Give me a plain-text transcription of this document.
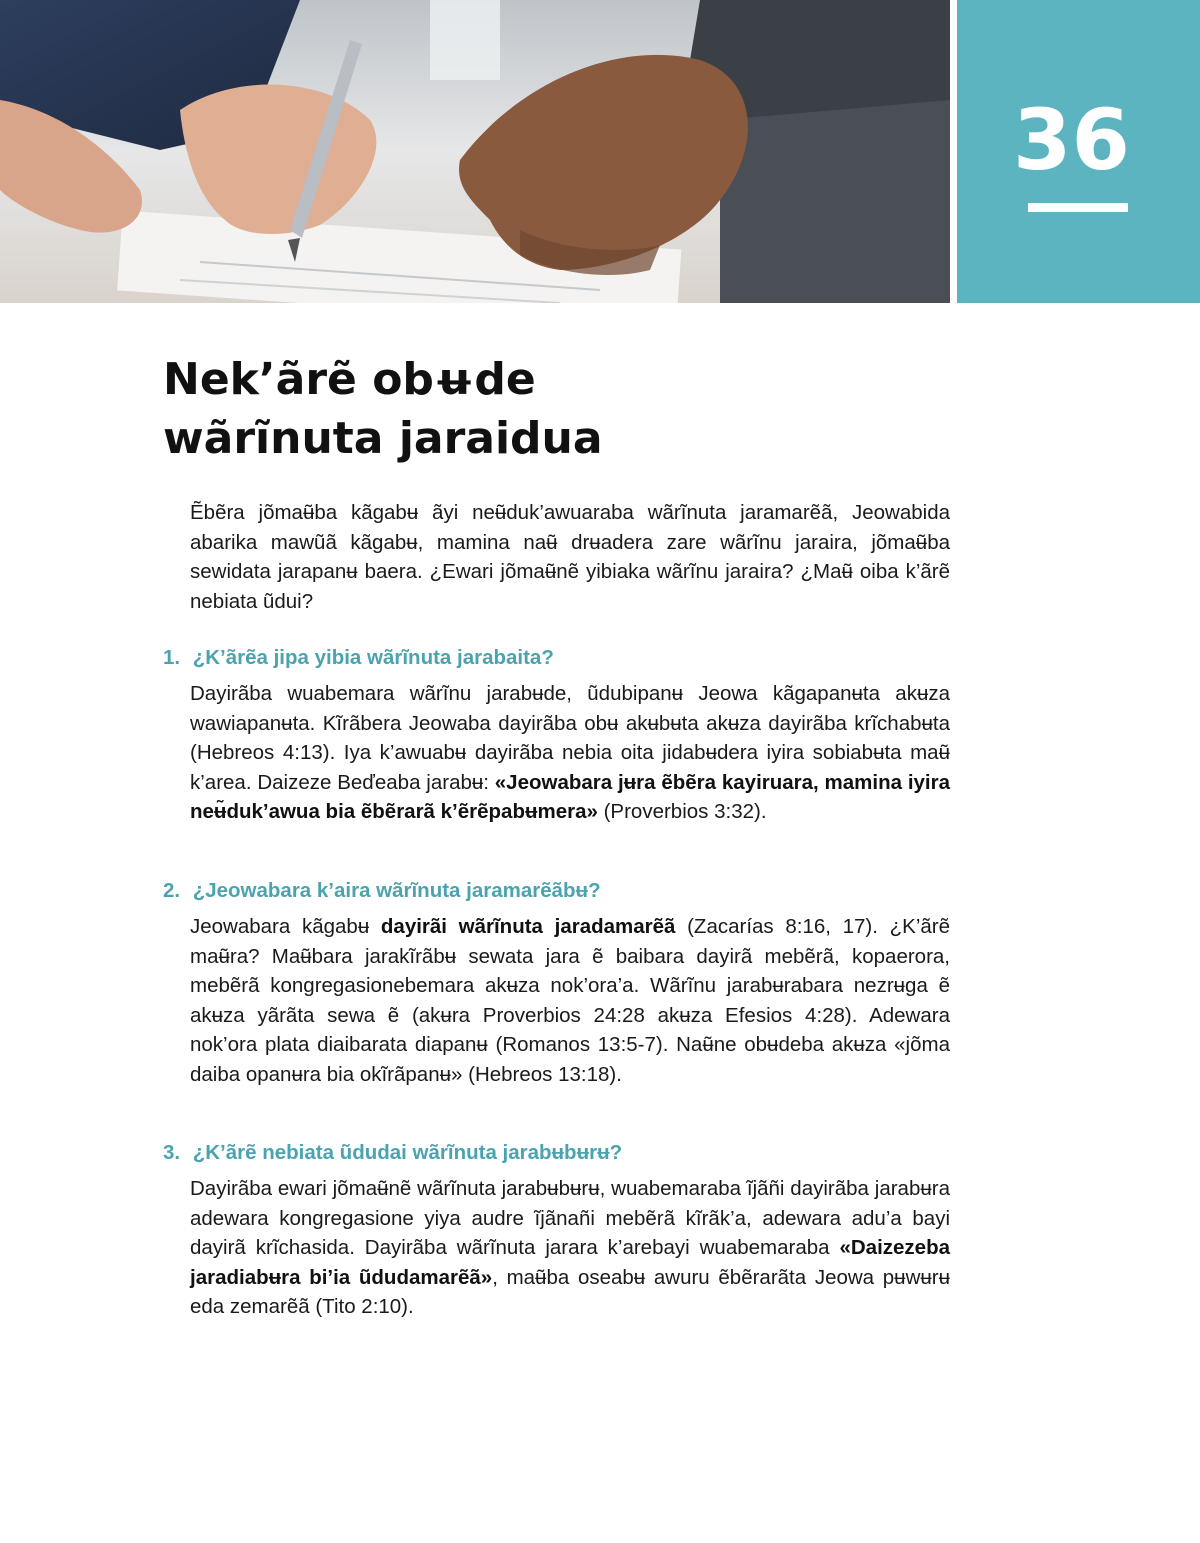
36
Nek’ãrẽ obʉde
wãrĩnuta jaraidua

Ẽbẽra jõmaʉ̃ba kãgabʉ ãyi neʉ̃duk’awuaraba wãrĩnuta jaramarẽã, Jeowabida abarika mawũã kãgabʉ, mamina naʉ̃ drʉadera zare wãrĩnu jaraira, jõmaʉ̃ba sewidata jarapanʉ baera. ¿Ewari jõmaʉ̃nẽ yibiaka wãrĩnu jaraira? ¿Maʉ̃ oiba k’ãrẽ nebiata ũdui?

1. ¿K’ãrẽa jipa yibia wãrĩnuta jarabaita?

Dayirãba wuabemara wãrĩnu jarabʉde, ũdubipanʉ Jeowa kãgapanʉta akʉza wawiapanʉta. Kĩrãbera Jeowaba dayirãba obʉ akʉbʉta akʉza dayirãba krĩchabʉta (Hebreos 4:13). Iya k’awuabʉ dayirãba nebia oita jidabʉdera iyira sobiabʉta maʉ̃ k’area. Daizeze Beďeaba jarabʉ: «Jeowabara jʉra ẽbẽra kayiruara, mamina iyira neʉ̃duk’awua bia ẽbẽrarã k’ẽrẽpabʉmera» (Proverbios 3:32).

2. ¿Jeowabara k’aira wãrĩnuta jaramarẽãbʉ?

Jeowabara kãgabʉ dayirãi wãrĩnuta jaradamarẽã (Zacarías 8:16, 17). ¿K’ãrẽ maʉ̃ra? Maʉ̃bara jarakĩrãbʉ sewata jara ẽ baibara dayirã mebẽrã, kopaerora, mebẽrã kongregasionebemara akʉza nok’ora’a. Wãrĩnu jarabʉrabara nezrʉga ẽ akʉza yãrãta sewa ẽ (akʉra Proverbios 24:28 akʉza Efesios 4:28). Adewara nok’ora plata diaibarata diapanʉ (Romanos 13:5-7). Naʉ̃ne obʉdeba akʉza «jõma daiba opanʉra bia okĩrãpanʉ» (Hebreos 13:18).

3. ¿K’ãrẽ nebiata ũdudai wãrĩnuta jarabʉbʉrʉ?

Dayirãba ewari jõmaʉ̃nẽ wãrĩnuta jarabʉbʉrʉ, wuabemaraba ĩjãñi dayirãba jarabʉra adewara kongregasione yiya audre ĩjãnañi mebẽrã kĩrãk’a, adewara adu’a bayi dayirã krĩchasida. Dayirãba wãrĩnuta jarara k’arebayi wuabemaraba «Daizezeba jaradiabʉra bi’ia ũdudamarẽã», maʉ̃ba oseabʉ awuru ẽbẽrarãta Jeowa pʉwʉrʉ eda zemarẽã (Tito 2:10).
